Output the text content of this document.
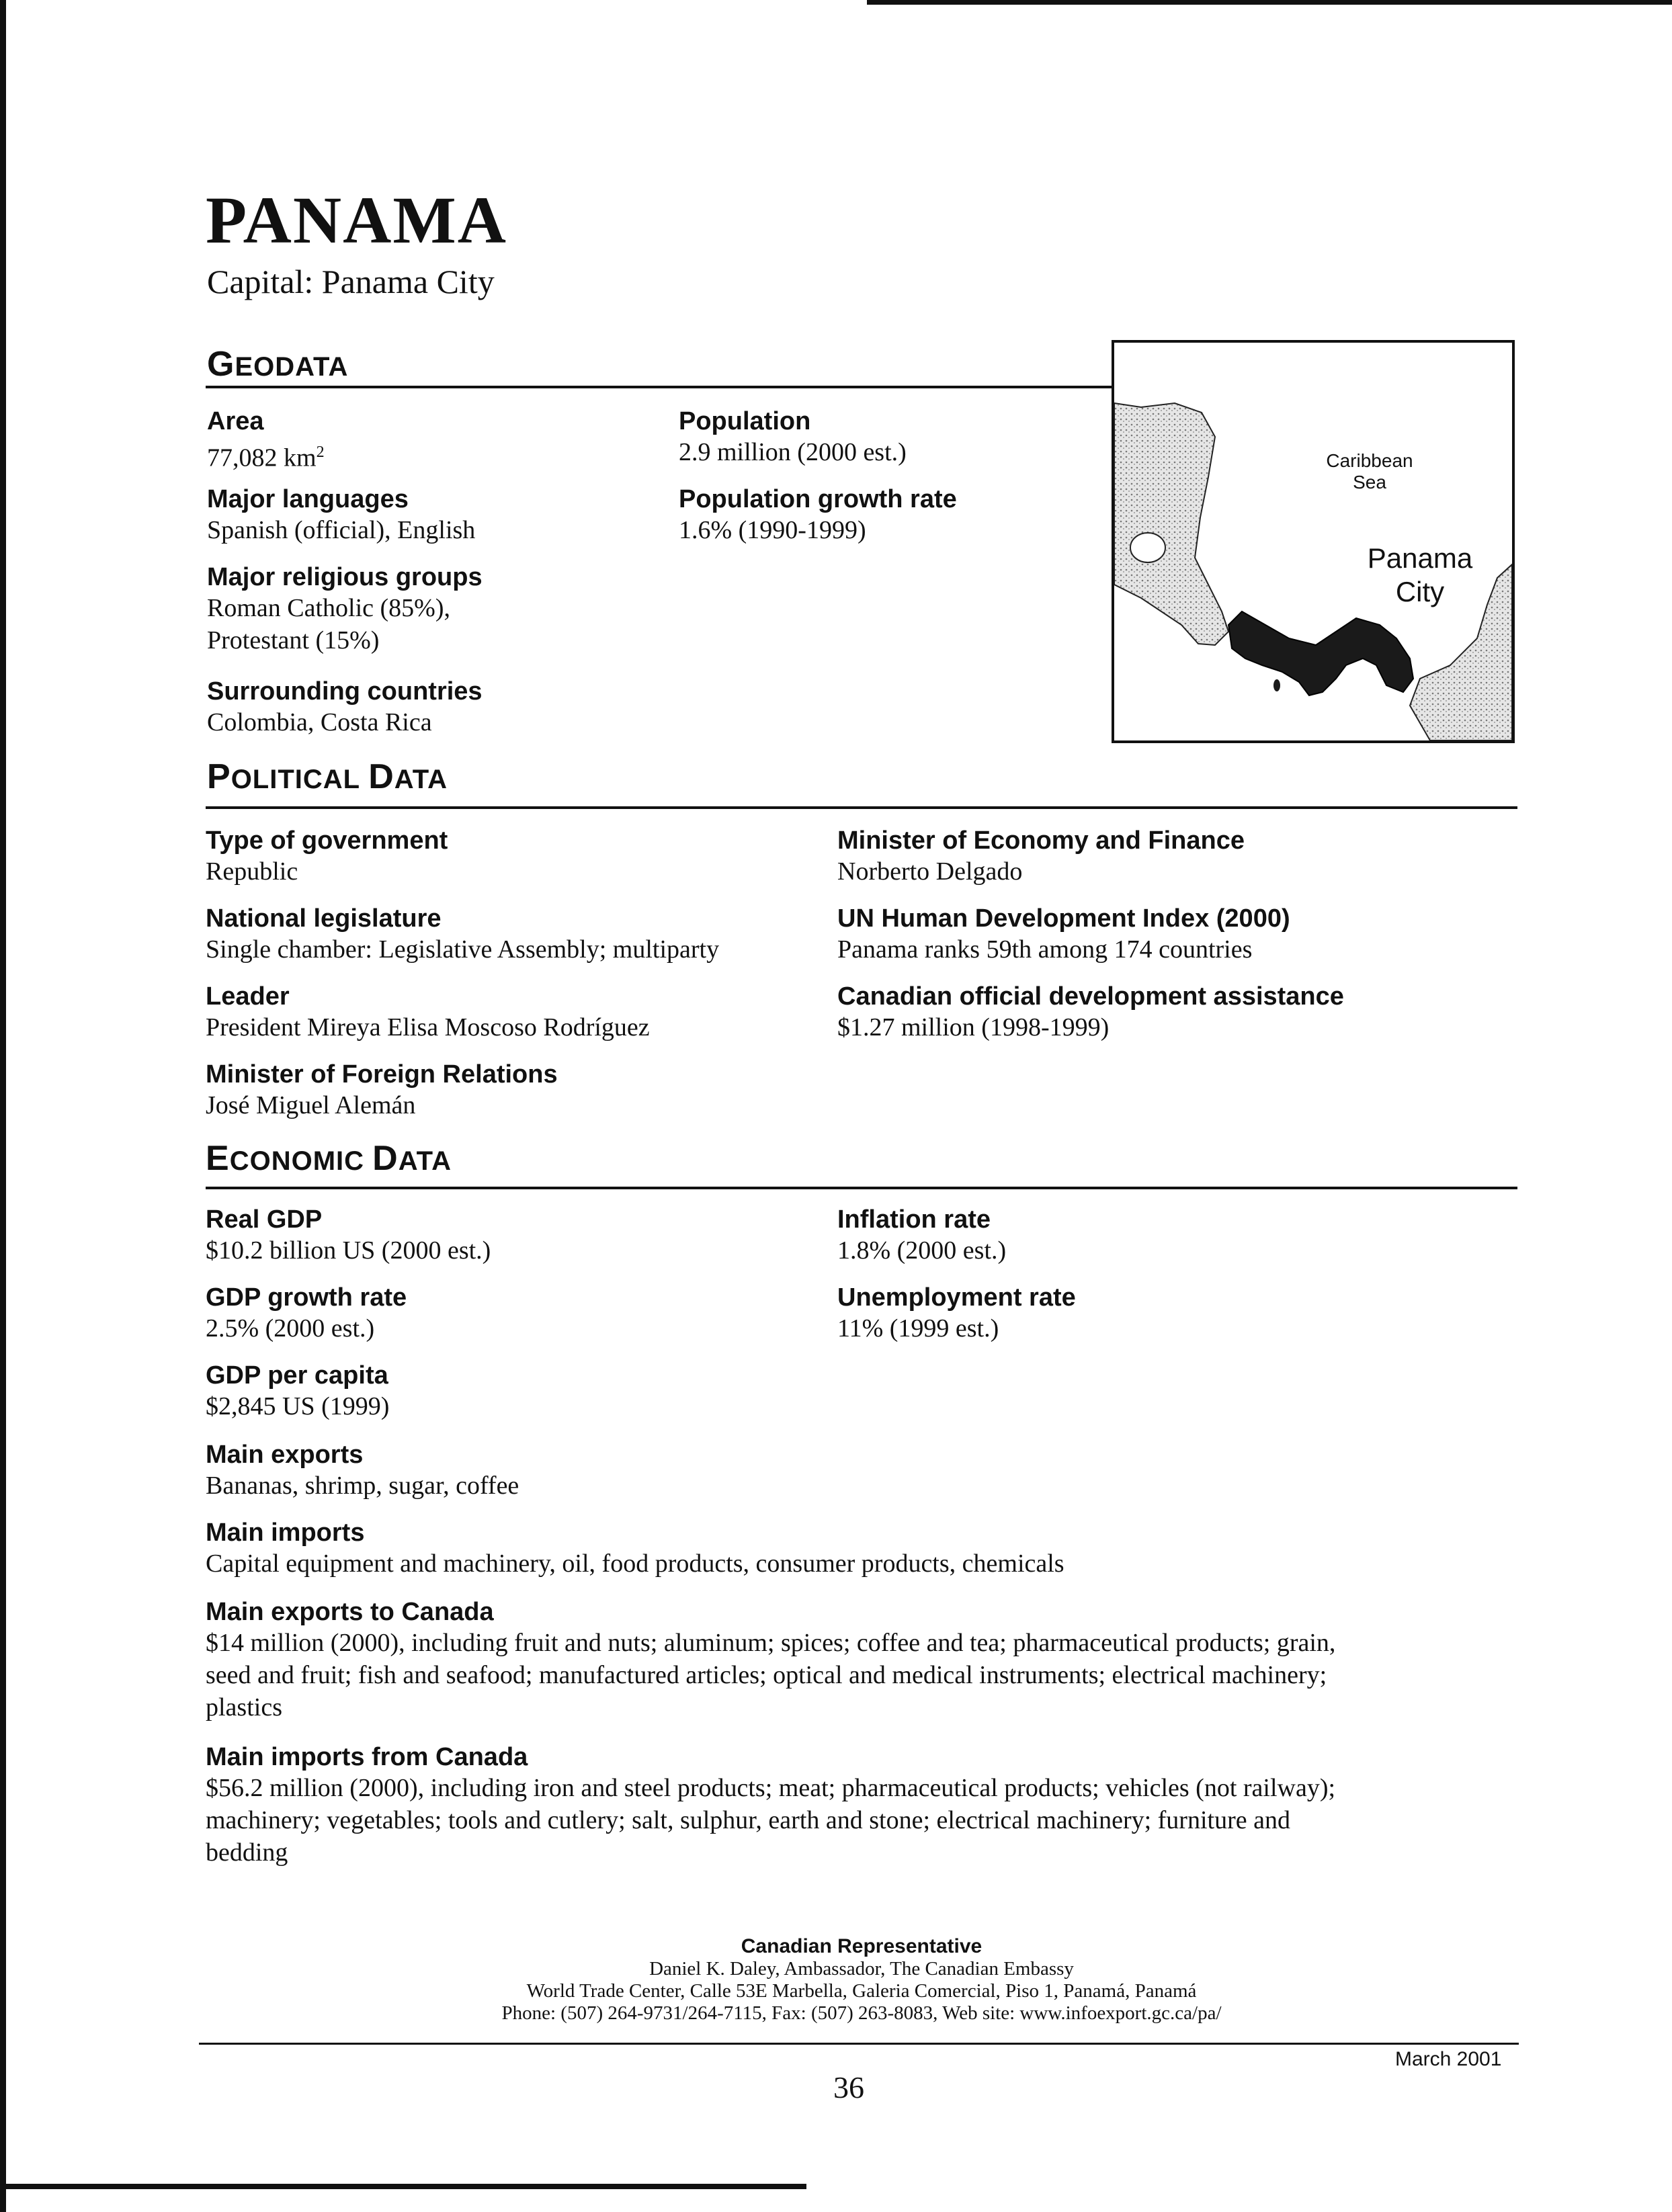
PANAMA
Capital: Panama City
GEODATA
Area
77,082 $km^2$
Major languages
Spanish (official), English
Major religious groups
Roman Catholic (85%),
Protestant (15%)
Surrounding countries
Colombia, Costa Rica
Population
2.9 million (2000 est.)
Population growth rate
1.6% (1990-1999)
Caribbean
Sea
Panama
City
POLITICAL DATA
Type of government
Republic
National legislature
Single chamber: Legislative Assembly; multiparty
Leader
President Mireya Elisa Moscoso Rodríguez
Minister of Foreign Relations
José Miguel Alemán
Minister of Economy and Finance
Norberto Delgado
UN Human Development Index (2000)
Panama ranks 59th among 174 countries
Canadian official development assistance
$1.27 million (1998-1999)
ECONOMIC DATA
Real GDP
$10.2 billion US (2000 est.)
GDP growth rate
2.5% (2000 est.)
GDP per capita
$2,845 US (1999)
Inflation rate
1.8% (2000 est.)
Unemployment rate
11% (1999 est.)
Main exports
Bananas, shrimp, sugar, coffee
Main imports
Capital equipment and machinery, oil, food products, consumer products, chemicals
Main exports to Canada
$14 million (2000), including fruit and nuts; aluminum; spices; coffee and tea; pharmaceutical products; grain,
seed and fruit; fish and seafood; manufactured articles; optical and medical instruments; electrical machinery;
plastics
Main imports from Canada
$56.2 million (2000), including iron and steel products; meat; pharmaceutical products; vehicles (not railway);
machinery; vegetables; tools and cutlery; salt, sulphur, earth and stone; electrical machinery; furniture and
bedding
Canadian Representative
Daniel K. Daley, Ambassador, The Canadian Embassy
World Trade Center, Calle 53E Marbella, Galeria Comercial, Piso 1, Panamá, Panamá
Phone: (507) 264-9731/264-7115, Fax: (507) 263-8083, Web site: www.infoexport.gc.ca/pa/
March 2001
36
